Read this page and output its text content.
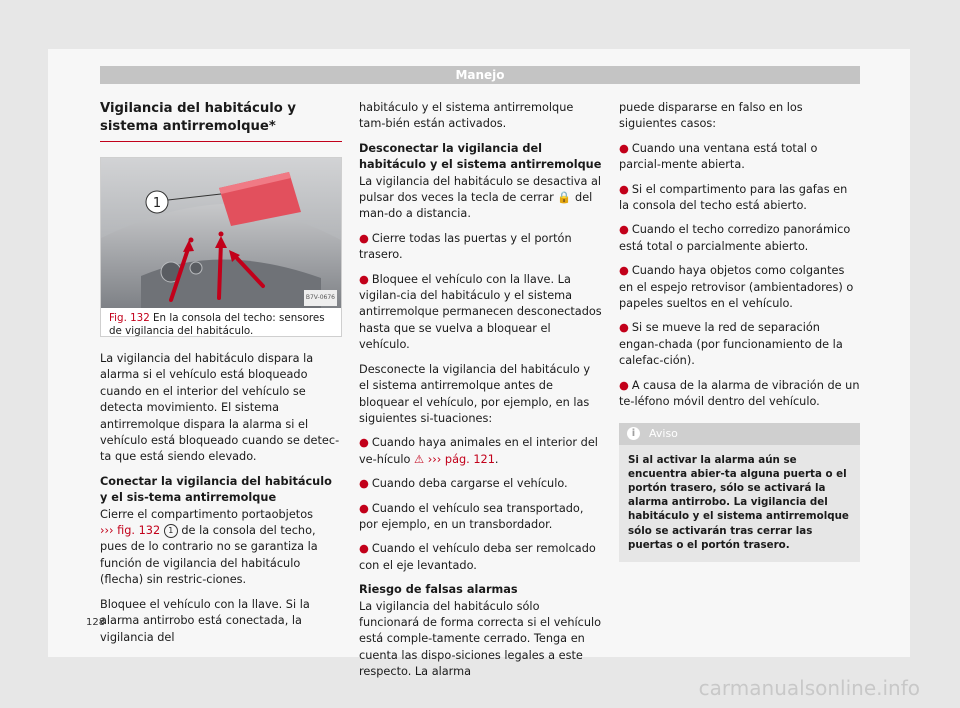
Manejo
Vigilancia del habitáculo y sistema antirremolque*
1
B7V-0676
Fig. 132 En la consola del techo: sensores de vigilancia del habitáculo.

La vigilancia del habitáculo dispara la alarma si el vehículo está bloqueado cuando en el interior del vehículo se detecta movimiento. El sistema antirremolque dispara la alarma si el vehículo está bloqueado cuando se detec-ta que está siendo elevado.

Conectar la vigilancia del habitáculo y el sis-tema antirremolque

Cierre el compartimento portaobjetos
››› fig. 132 1 de la consola del techo, pues de lo contrario no se garantiza la función de vigilancia del habitáculo (flecha) sin restric-ciones.

Bloquee el vehículo con la llave. Si la alarma antirrobo está conectada, la vigilancia del

habitáculo y el sistema antirremolque tam-bién están activados.

Desconectar la vigilancia del habitáculo y el sistema antirremolque

La vigilancia del habitáculo se desactiva al pulsar dos veces la tecla de cerrar 🔒 del man-do a distancia.

● Cierre todas las puertas y el portón trasero.

● Bloquee el vehículo con la llave. La vigilan-cia del habitáculo y el sistema antirremolque permanecen desconectados hasta que se vuelva a bloquear el vehículo.

Desconecte la vigilancia del habitáculo y el sistema antirremolque antes de bloquear el vehículo, por ejemplo, en las siguientes si-tuaciones:

● Cuando haya animales en el interior del ve-hículo ⚠ ››› pág. 121.

● Cuando deba cargarse el vehículo.

● Cuando el vehículo sea transportado, por ejemplo, en un transbordador.

● Cuando el vehículo deba ser remolcado con el eje levantado.

Riesgo de falsas alarmas

La vigilancia del habitáculo sólo funcionará de forma correcta si el vehículo está comple-tamente cerrado. Tenga en cuenta las dispo-siciones legales a este respecto. La alarma

puede dispararse en falso en los siguientes casos:

● Cuando una ventana está total o parcial-mente abierta.

● Si el compartimento para las gafas en la consola del techo está abierto.

● Cuando el techo corredizo panorámico está total o parcialmente abierto.

● Cuando haya objetos como colgantes en el espejo retrovisor (ambientadores) o papeles sueltos en el vehículo.

● Si se mueve la red de separación engan-chada (por funcionamiento de la calefac-ción).

● A causa de la alarma de vibración de un te-léfono móvil dentro del vehículo.

i	Aviso
Si al activar la alarma aún se encuentra abier-ta alguna puerta o el portón trasero, sólo se activará la alarma antirrobo. La vigilancia del habitáculo y el sistema antirremolque sólo se activarán tras cerrar las puertas o el portón trasero.
128
carmanualsonline.info
